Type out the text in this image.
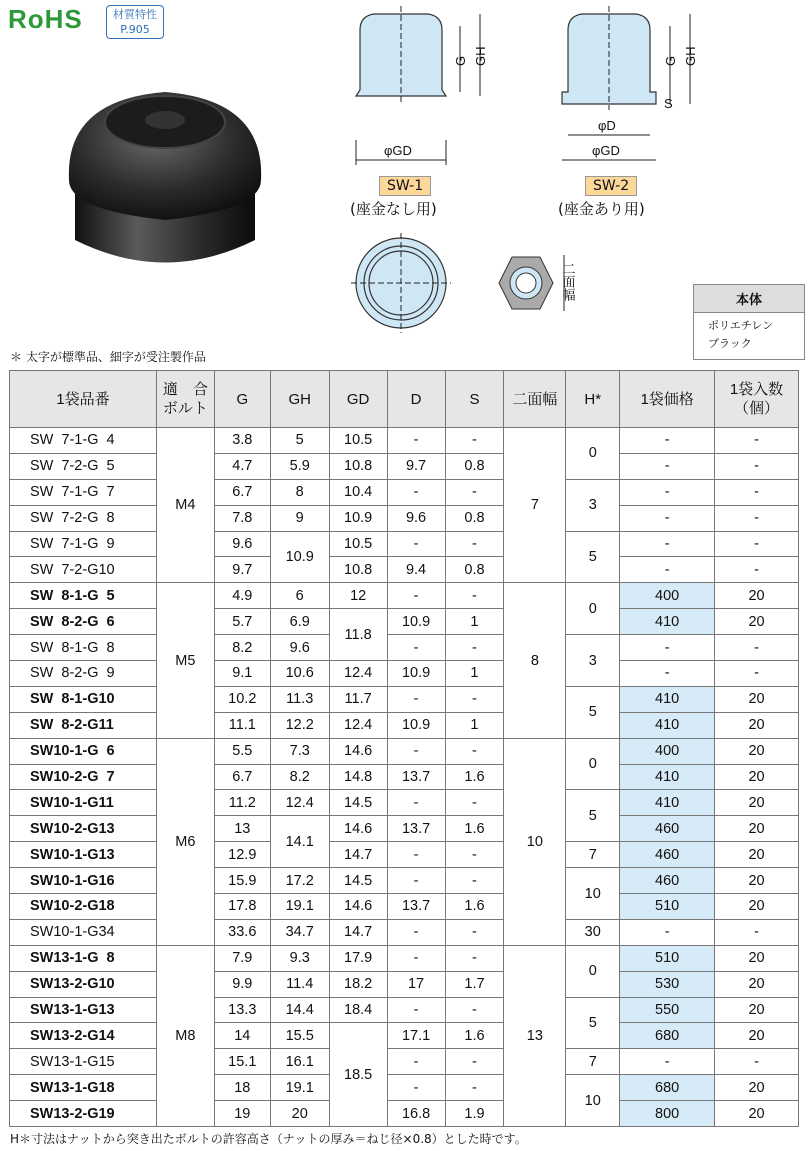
RoHS	材質特性
P.905
φGD
G GH
φD
φGD
G GH
S
二面幅
SW-1
(座金なし用)
SW-2
(座金あり用)
本体
ポリエチレン
ブラック
＊ 太字が標準品、細字が受注製作品
1袋品番	適　合
ボルト	G	GH	GD	D	S	二面幅	H*	1袋価格	1袋入数
（個）
SW  7-1-G  4	M4	3.8	5	10.5	-	-	7	0	-	-
SW  7-2-G  5		4.7	5.9	10.8	9.7	0.8			-	-
SW  7-1-G  7		6.7	8	10.4	-	-		3	-	-
SW  7-2-G  8		7.8	9	10.9	9.6	0.8			-	-
SW  7-1-G  9		9.6	10.9	10.5	-	-		5	-	-
SW  7-2-G10		9.7		10.8	9.4	0.8			-	-
SW  8-1-G  5	M5	4.9	6	12	-	-	8	0	400	20
SW  8-2-G  6		5.7	6.9	11.8	10.9	1			410	20
SW  8-1-G  8		8.2	9.6		-	-		3	-	-
SW  8-2-G  9		9.1	10.6	12.4	10.9	1			-	-
SW  8-1-G10		10.2	11.3	11.7	-	-		5	410	20
SW  8-2-G11		11.1	12.2	12.4	10.9	1			410	20
SW10-1-G  6	M6	5.5	7.3	14.6	-	-	10	0	400	20
SW10-2-G  7		6.7	8.2	14.8	13.7	1.6			410	20
SW10-1-G11		11.2	12.4	14.5	-	-		5	410	20
SW10-2-G13		13	14.1	14.6	13.7	1.6			460	20
SW10-1-G13		12.9		14.7	-	-		7	460	20
SW10-1-G16		15.9	17.2	14.5	-	-		10	460	20
SW10-2-G18		17.8	19.1	14.6	13.7	1.6			510	20
SW10-1-G34		33.6	34.7	14.7	-	-		30	-	-
SW13-1-G  8	M8	7.9	9.3	17.9	-	-	13	0	510	20
SW13-2-G10		9.9	11.4	18.2	17	1.7			530	20
SW13-1-G13		13.3	14.4	18.4	-	-		5	550	20
SW13-2-G14		14	15.5	18.5	17.1	1.6			680	20
SW13-1-G15		15.1	16.1		-	-		7	-	-
SW13-1-G18		18	19.1		-	-		10	680	20
SW13-2-G19		19	20		16.8	1.9			800	20
H＊寸法はナットから突き出たボルトの許容高さ（ナットの厚み＝ねじ径×0.8）とした時です。
